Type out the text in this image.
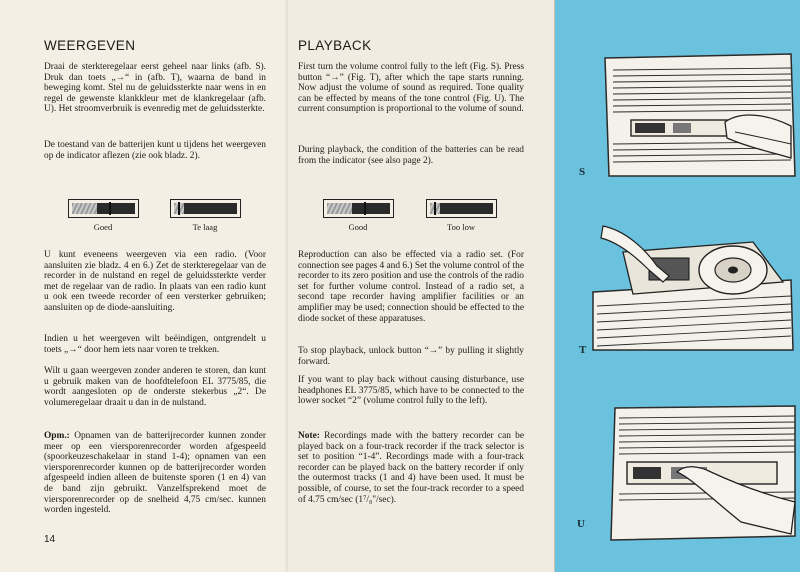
WEERGEVEN

Draai de sterkteregelaar eerst geheel naar links (afb. S). Druk dan toets „→“ in (afb. T), waarna de band in beweging komt. Stel nu de geluidssterkte naar wens in en regel de gewenste klankkleur met de klankregelaar (afb. U). Het stroomverbruik is evenredig met de geluidssterkte.

De toestand van de batterijen kunt u tijdens het weergeven op de indicator aflezen (zie ook bladz. 2).

Goed	Te laag

U kunt eveneens weergeven via een radio. (Voor aansluiten zie bladz. 4 en 6.) Zet de sterkteregelaar van de recorder in de nulstand en regel de geluidssterkte verder met de regelaar van de radio. In plaats van een radio kunt u ook een tweede recorder of een versterker gebruiken; aansluiten op de diode-aansluiting.

Indien u het weergeven wilt beëindigen, ontgrendelt u toets „→“ door hem iets naar voren te trekken.

Wilt u gaan weergeven zonder anderen te storen, dan kunt u gebruik maken van de hoofdtelefoon EL 3775/85, die wordt aangesloten op de onderste stekerbus „2“. De volumeregelaar draait u dan in de nulstand.

Opm.: Opnamen van de batterijrecorder kunnen zonder meer op een viersporenrecorder worden afgespeeld (spoorkeuzeschakelaar in stand 1-4); opnamen van een viersporenrecorder kunnen op de batterijrecorder worden afgespeeld indien alleen de buitenste sporen (1 en 4) van de band zijn gebruikt. Vanzelfsprekend moet de viersporenrecorder op de snelheid 4,75 cm/sec. kunnen worden ingesteld.

14
PLAYBACK

First turn the volume control fully to the left (Fig. S). Press button “→” (Fig. T), after which the tape starts running. Now adjust the volume of sound as required. Tone quality can be effected by means of the tone control (Fig. U). The current consumption is proportional to the volume of sound.

During playback, the condition of the batteries can be read from the indicator (see also page 2).

Good	Too low

Reproduction can also be effected via a radio set. (For connection see pages 4 and 6.) Set the volume control of the recorder to its zero position and use the controls of the radio set for further volume control. Instead of a radio set, a second tape recorder having amplifier facilities or an amplifier may be used; connection should be effected to the diode socket of these apparatuses.

To stop playback, unlock button “→” by pulling it slightly forward.

If you want to play back without causing disturbance, use headphones EL 3775/85, which have to be connected to the lower socket “2” (volume control fully to the left).

Note: Recordings made with the battery recorder can be played back on a four-track recorder if the track selector is set to position “1-4”. Recordings made with a four-track recorder can be played back on the battery recorder if only the outermost tracks (1 and 4) have been used. It must be possible, of course, to set the four-track recorder to a speed of 4.75 cm/sec (1⁷/₈"/sec).

S
T
U
